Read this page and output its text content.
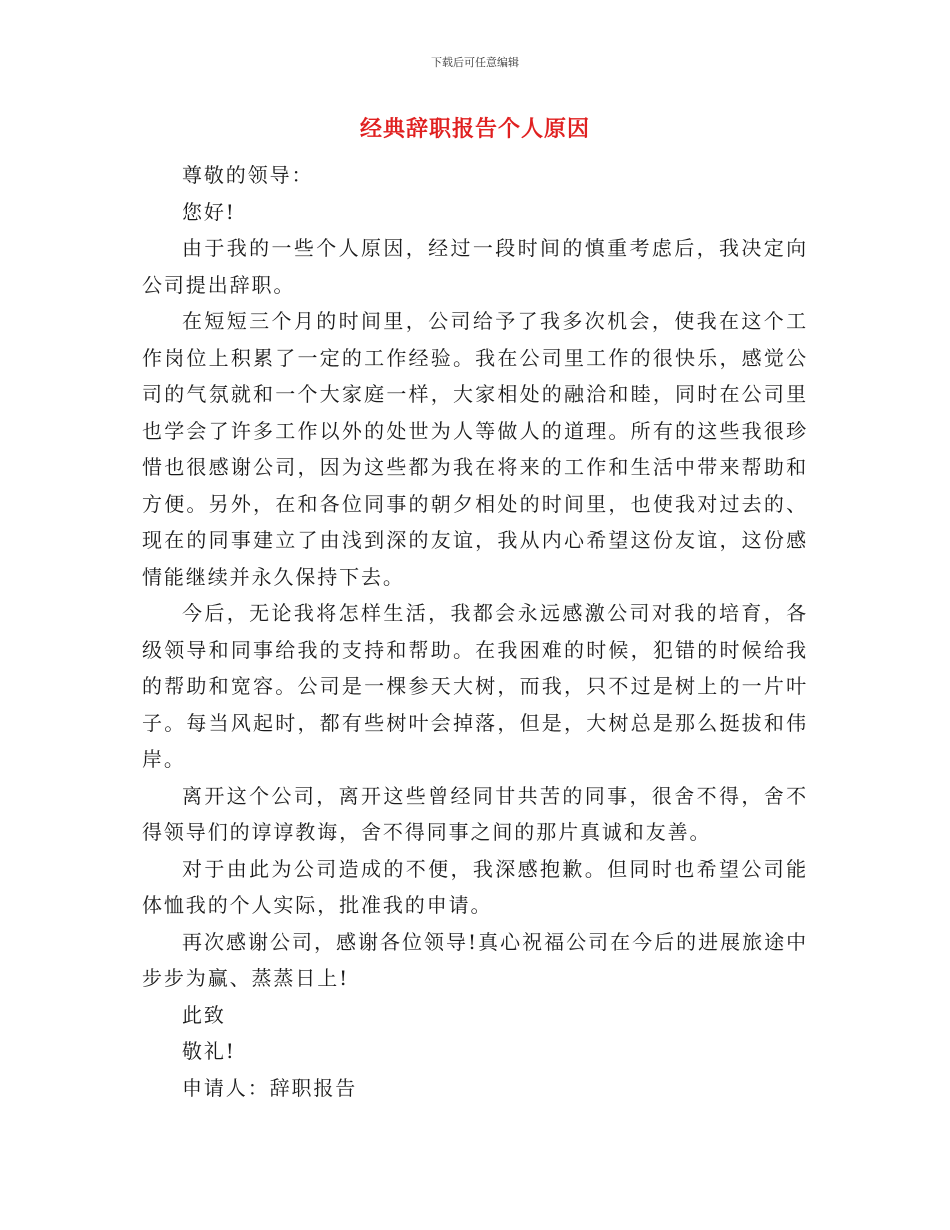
下载后可任意编辑
经典辞职报告个人原因

尊敬的领导：

您好!

由于我的一些个人原因，经过一段时间的慎重考虑后，我决定向公司提出辞职。

在短短三个月的时间里，公司给予了我多次机会，使我在这个工作岗位上积累了一定的工作经验。我在公司里工作的很快乐，感觉公司的气氛就和一个大家庭一样，大家相处的融洽和睦，同时在公司里也学会了许多工作以外的处世为人等做人的道理。所有的这些我很珍惜也很感谢公司，因为这些都为我在将来的工作和生活中带来帮助和方便。另外，在和各位同事的朝夕相处的时间里，也使我对过去的、现在的同事建立了由浅到深的友谊，我从内心希望这份友谊，这份感情能继续并永久保持下去。

今后，无论我将怎样生活，我都会永远感激公司对我的培育，各级领导和同事给我的支持和帮助。在我困难的时候，犯错的时候给我的帮助和宽容。公司是一棵参天大树，而我，只不过是树上的一片叶子。每当风起时，都有些树叶会掉落，但是，大树总是那么挺拔和伟岸。

离开这个公司，离开这些曾经同甘共苦的同事，很舍不得，舍不得领导们的谆谆教诲，舍不得同事之间的那片真诚和友善。

对于由此为公司造成的不便，我深感抱歉。但同时也希望公司能体恤我的个人实际，批准我的申请。

再次感谢公司，感谢各位领导!真心祝福公司在今后的进展旅途中步步为赢、蒸蒸日上!

此致

敬礼!

申请人：辞职报告
